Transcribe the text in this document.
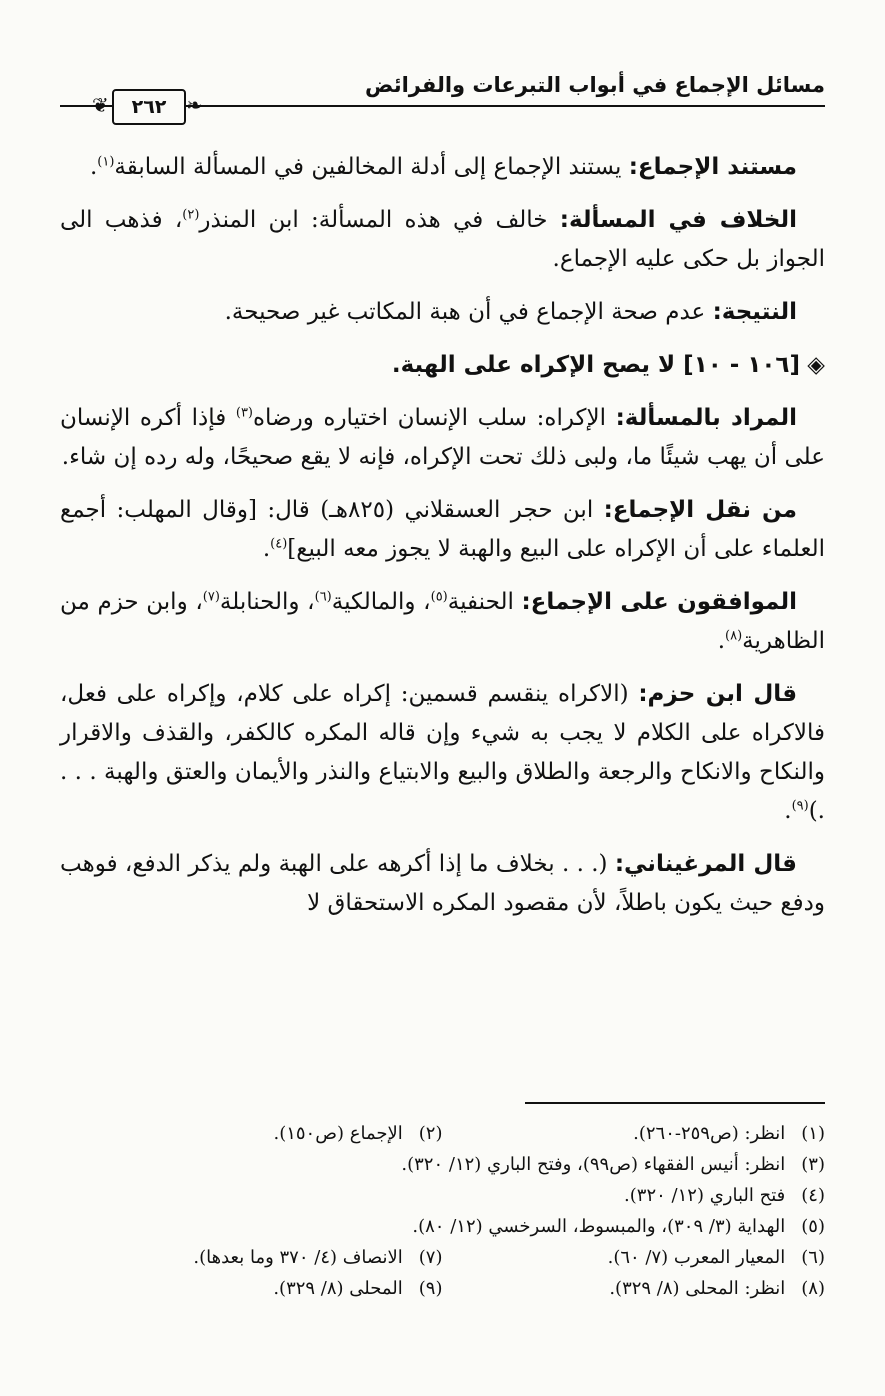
مسائل الإجماع في أبواب التبرعات والفرائض
❦	٢٦٢ ❧

مستند الإجماع: يستند الإجماع إلى أدلة المخالفين في المسألة السابقة$^{(١)}$.

الخلاف في المسألة: خالف في هذه المسألة: ابن المنذر$^{(٢)}$، فذهب الى الجواز بل حكى عليه الإجماع.

النتيجة: عدم صحة الإجماع في أن هبة المكاتب غير صحيحة.

◈ [١٠٦ - ١٠] لا يصح الإكراه على الهبة.

المراد بالمسألة: الإكراه: سلب الإنسان اختياره ورضاه$^{(٣)}$ فإذا أكره الإنسان على أن يهب شيئًا ما، ولبى ذلك تحت الإكراه، فإنه لا يقع صحيحًا، وله رده إن شاء.

من نقل الإجماع: ابن حجر العسقلاني (٨٢٥هـ) قال: [وقال المهلب: أجمع العلماء على أن الإكراه على البيع والهبة لا يجوز معه البيع]$^{(٤)}$.

الموافقون على الإجماع: الحنفية$^{(٥)}$، والمالكية$^{(٦)}$، والحنابلة$^{(٧)}$، وابن حزم من الظاهرية$^{(٨)}$.

قال ابن حزم: (الاكراه ينقسم قسمين: إكراه على كلام، وإكراه على فعل، فالاكراه على الكلام لا يجب به شيء وإن قاله المكره كالكفر، والقذف والاقرار والنكاح والانكاح والرجعة والطلاق والبيع والابتياع والنذر والأيمان والعتق والهبة . . . .)$^{(٩)}$.

قال المرغيناني: (. . . بخلاف ما إذا أكرهه على الهبة ولم يذكر الدفع، فوهب ودفع حيث يكون باطلاً، لأن مقصود المكره الاستحقاق لا

(١) انظر: (ص٢٥٩-٢٦٠).
(٢) الإجماع (ص١٥٠).
(٣) انظر: أنيس الفقهاء (ص٩٩)، وفتح الباري (١٢/ ٣٢٠).
(٤) فتح الباري (١٢/ ٣٢٠).
(٥) الهداية (٣/ ٣٠٩)، والمبسوط، السرخسي (١٢/ ٨٠).
(٦) المعيار المعرب (٧/ ٦٠).
(٧) الانصاف (٤/ ٣٧٠ وما بعدها).
(٨) انظر: المحلى (٨/ ٣٢٩).
(٩) المحلى (٨/ ٣٢٩).
